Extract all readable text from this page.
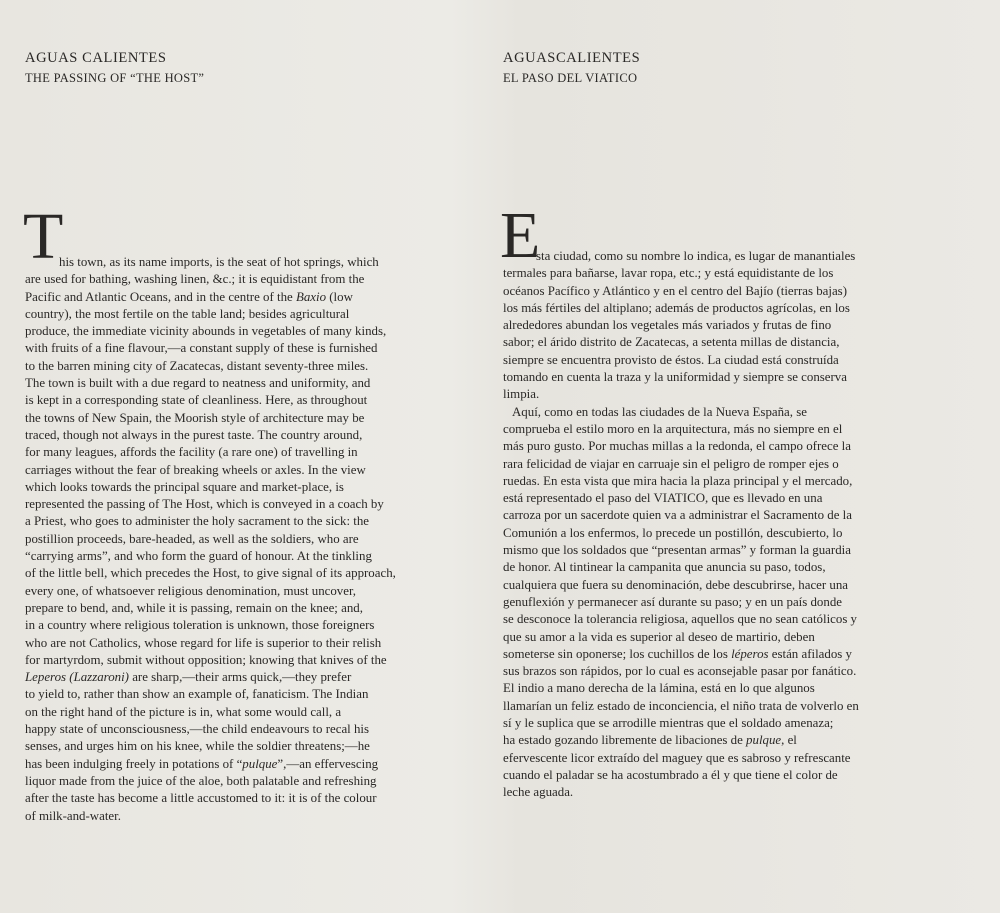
AGUAS CALIENTES
THE PASSING OF “THE HOST”
T
his town, as its name imports, is the seat of hot springs, which
are used for bathing, washing linen, &c.; it is equidistant from the
Pacific and Atlantic Oceans, and in the centre of the Baxio (low
country), the most fertile on the table land; besides agricultural
produce, the immediate vicinity abounds in vegetables of many kinds,
with fruits of a fine flavour,—a constant supply of these is furnished
to the barren mining city of Zacatecas, distant seventy-three miles.
The town is built with a due regard to neatness and uniformity, and
is kept in a corresponding state of cleanliness. Here, as throughout
the towns of New Spain, the Moorish style of architecture may be
traced, though not always in the purest taste. The country around,
for many leagues, affords the facility (a rare one) of travelling in
carriages without the fear of breaking wheels or axles. In the view
which looks towards the principal square and market-place, is
represented the passing of The Host, which is conveyed in a coach by
a Priest, who goes to administer the holy sacrament to the sick: the
postillion proceeds, bare-headed, as well as the soldiers, who are
“carrying arms”, and who form the guard of honour. At the tinkling
of the little bell, which precedes the Host, to give signal of its approach,
every one, of whatsoever religious denomination, must uncover,
prepare to bend, and, while it is passing, remain on the knee; and,
in a country where religious toleration is unknown, those foreigners
who are not Catholics, whose regard for life is superior to their relish
for martyrdom, submit without opposition; knowing that knives of the
Leperos (Lazzaroni) are sharp,—their arms quick,—they prefer
to yield to, rather than show an example of, fanaticism. The Indian
on the right hand of the picture is in, what some would call, a
happy state of unconsciousness,—the child endeavours to recal his
senses, and urges him on his knee, while the soldier threatens;—he
has been indulging freely in potations of “pulque”,—an effervescing
liquor made from the juice of the aloe, both palatable and refreshing
after the taste has become a little accustomed to it: it is of the colour
of milk-and-water.
AGUASCALIENTES
EL PASO DEL VIATICO
E
sta ciudad, como su nombre lo indica, es lugar de manantiales
termales para bañarse, lavar ropa, etc.; y está equidistante de los
océanos Pacífico y Atlántico y en el centro del Bajío (tierras bajas)
los más fértiles del altiplano; además de productos agrícolas, en los
alrededores abundan los vegetales más variados y frutas de fino
sabor; el árido distrito de Zacatecas, a setenta millas de distancia,
siempre se encuentra provisto de éstos. La ciudad está construída
tomando en cuenta la traza y la uniformidad y siempre se conserva
limpia.
Aquí, como en todas las ciudades de la Nueva España, se
comprueba el estilo moro en la arquitectura, más no siempre en el
más puro gusto. Por muchas millas a la redonda, el campo ofrece la
rara felicidad de viajar en carruaje sin el peligro de romper ejes o
ruedas. En esta vista que mira hacia la plaza principal y el mercado,
está representado el paso del VIATICO, que es llevado en una
carroza por un sacerdote quien va a administrar el Sacramento de la
Comunión a los enfermos, lo precede un postillón, descubierto, lo
mismo que los soldados que “presentan armas” y forman la guardia
de honor. Al tintinear la campanita que anuncia su paso, todos,
cualquiera que fuera su denominación, debe descubrirse, hacer una
genuflexión y permanecer así durante su paso; y en un país donde
se desconoce la tolerancia religiosa, aquellos que no sean católicos y
que su amor a la vida es superior al deseo de martirio, deben
someterse sin oponerse; los cuchillos de los léperos están afilados y
sus brazos son rápidos, por lo cual es aconsejable pasar por fanático.
El indio a mano derecha de la lámina, está en lo que algunos
llamarían un feliz estado de inconciencia, el niño trata de volverlo en
sí y le suplica que se arrodille mientras que el soldado amenaza;
ha estado gozando libremente de libaciones de pulque, el
efervescente licor extraído del maguey que es sabroso y refrescante
cuando el paladar se ha acostumbrado a él y que tiene el color de
leche aguada.
